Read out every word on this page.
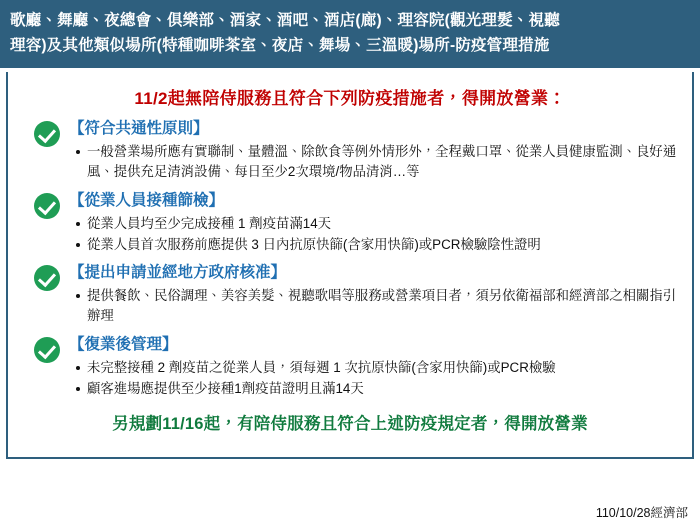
歌廳、舞廳、夜總會、俱樂部、酒家、酒吧、酒店(廊)、理容院(觀光理髮、視聽
理容)及其他類似場所(特種咖啡茶室、夜店、舞場、三溫暖)場所-防疫管理措施
11/2起無陪侍服務且符合下列防疫措施者，得開放營業：
【符合共通性原則】
一般營業場所應有實聯制、量體溫、除飲食等例外情形外，全程戴口罩、從業人員健康監測、良好通風、提供充足清消設備、每日至少2次環境/物品清消…等
【從業人員接種篩檢】
從業人員均至少完成接種 1 劑疫苗滿14天
從業人員首次服務前應提供 3 日內抗原快篩(含家用快篩)或PCR檢驗陰性證明
【提出申請並經地方政府核准】
提供餐飲、民俗調理、美容美髮、視聽歌唱等服務或營業項目者，須另依衛福部和經濟部之相關指引辦理
【復業後管理】
未完整接種 2 劑疫苗之從業人員，須每週 1 次抗原快篩(含家用快篩)或PCR檢驗
顧客進場應提供至少接種1劑疫苗證明且滿14天
另規劃11/16起，有陪侍服務且符合上述防疫規定者，得開放營業
110/10/28經濟部
